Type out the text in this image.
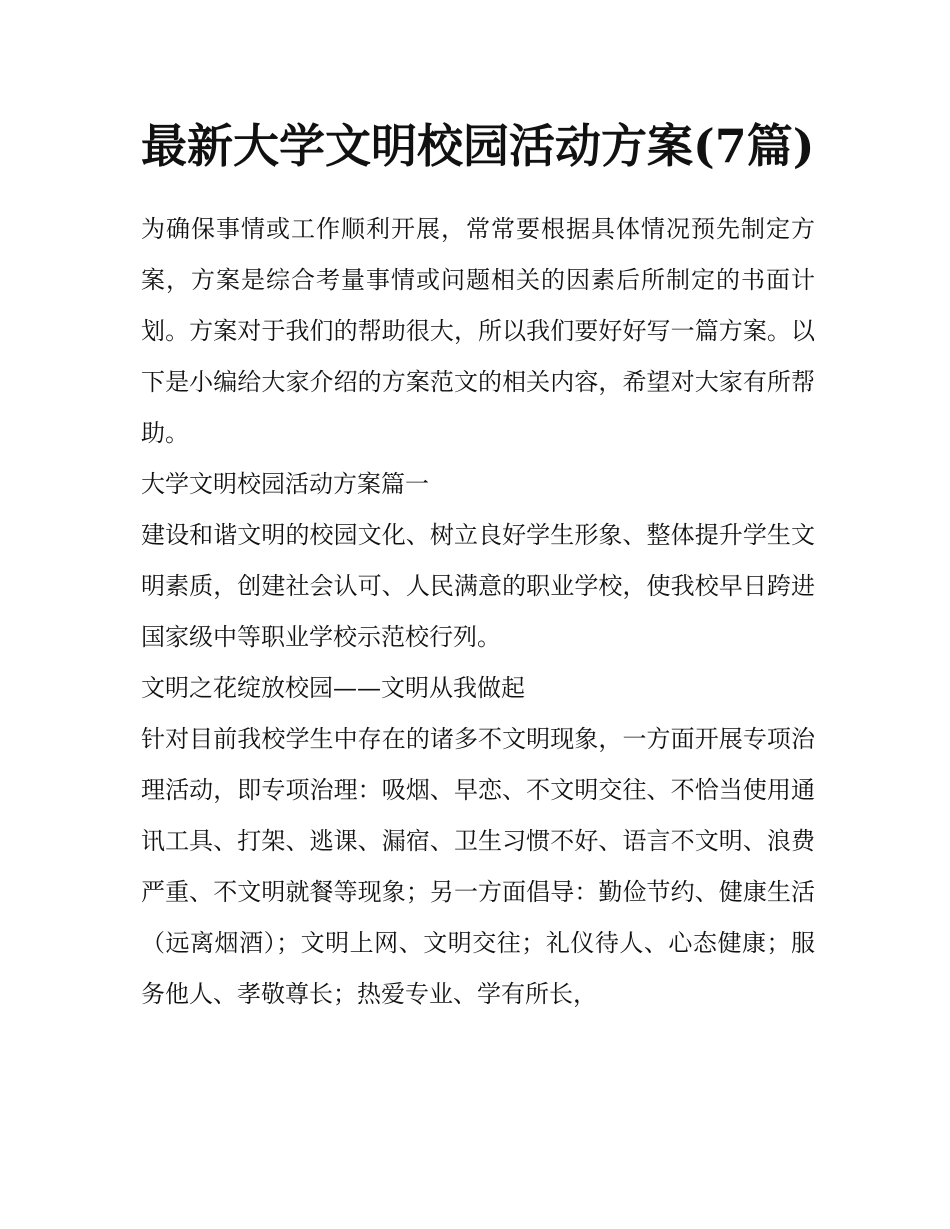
最新大学文明校园活动方案(7篇)

为确保事情或工作顺利开展，常常要根据具体情况预先制定方案，方案是综合考量事情或问题相关的因素后所制定的书面计划。方案对于我们的帮助很大，所以我们要好好写一篇方案。以下是小编给大家介绍的方案范文的相关内容，希望对大家有所帮助。

大学文明校园活动方案篇一

建设和谐文明的校园文化、树立良好学生形象、整体提升学生文明素质，创建社会认可、人民满意的职业学校，使我校早日跨进国家级中等职业学校示范校行列。

文明之花绽放校园——文明从我做起

针对目前我校学生中存在的诸多不文明现象，一方面开展专项治理活动，即专项治理：吸烟、早恋、不文明交往、不恰当使用通讯工具、打架、逃课、漏宿、卫生习惯不好、语言不文明、浪费严重、不文明就餐等现象；另一方面倡导：勤俭节约、健康生活（远离烟酒）；文明上网、文明交往；礼仪待人、心态健康；服务他人、孝敬尊长；热爱专业、学有所长，
